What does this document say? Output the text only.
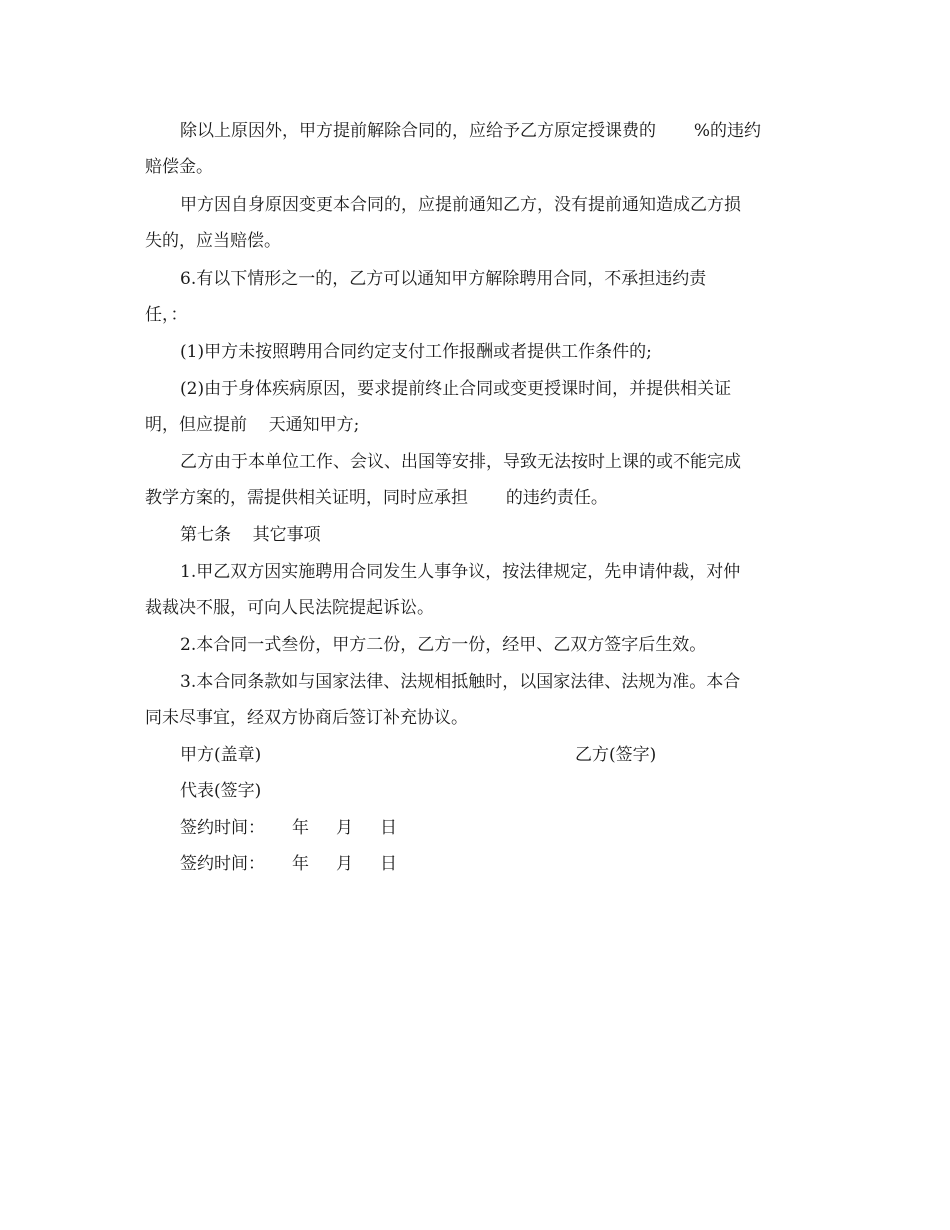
除以上原因外，甲方提前解除合同的，应给予乙方原定授课费的       %的违约
赔偿金。
甲方因自身原因变更本合同的，应提前通知乙方，没有提前通知造成乙方损
失的，应当赔偿。
6.有以下情形之一的，乙方可以通知甲方解除聘用合同，不承担违约责
任，：
(1)甲方未按照聘用合同约定支付工作报酬或者提供工作条件的;
(2)由于身体疾病原因，要求提前终止合同或变更授课时间，并提供相关证
明，但应提前    天通知甲方;
乙方由于本单位工作、会议、出国等安排，导致无法按时上课的或不能完成
教学方案的，需提供相关证明，同时应承担       的违约责任。
第七条    其它事项
1.甲乙双方因实施聘用合同发生人事争议，按法律规定，先申请仲裁，对仲
裁裁决不服，可向人民法院提起诉讼。
2.本合同一式叁份，甲方二份，乙方一份，经甲、乙双方签字后生效。
3.本合同条款如与国家法律、法规相抵触时，以国家法律、法规为准。本合
同未尽事宜，经双方协商后签订补充协议。
甲方(盖章)	乙方(签字)
代表(签字)
签约时间：     年     月     日
签约时间：     年     月     日
